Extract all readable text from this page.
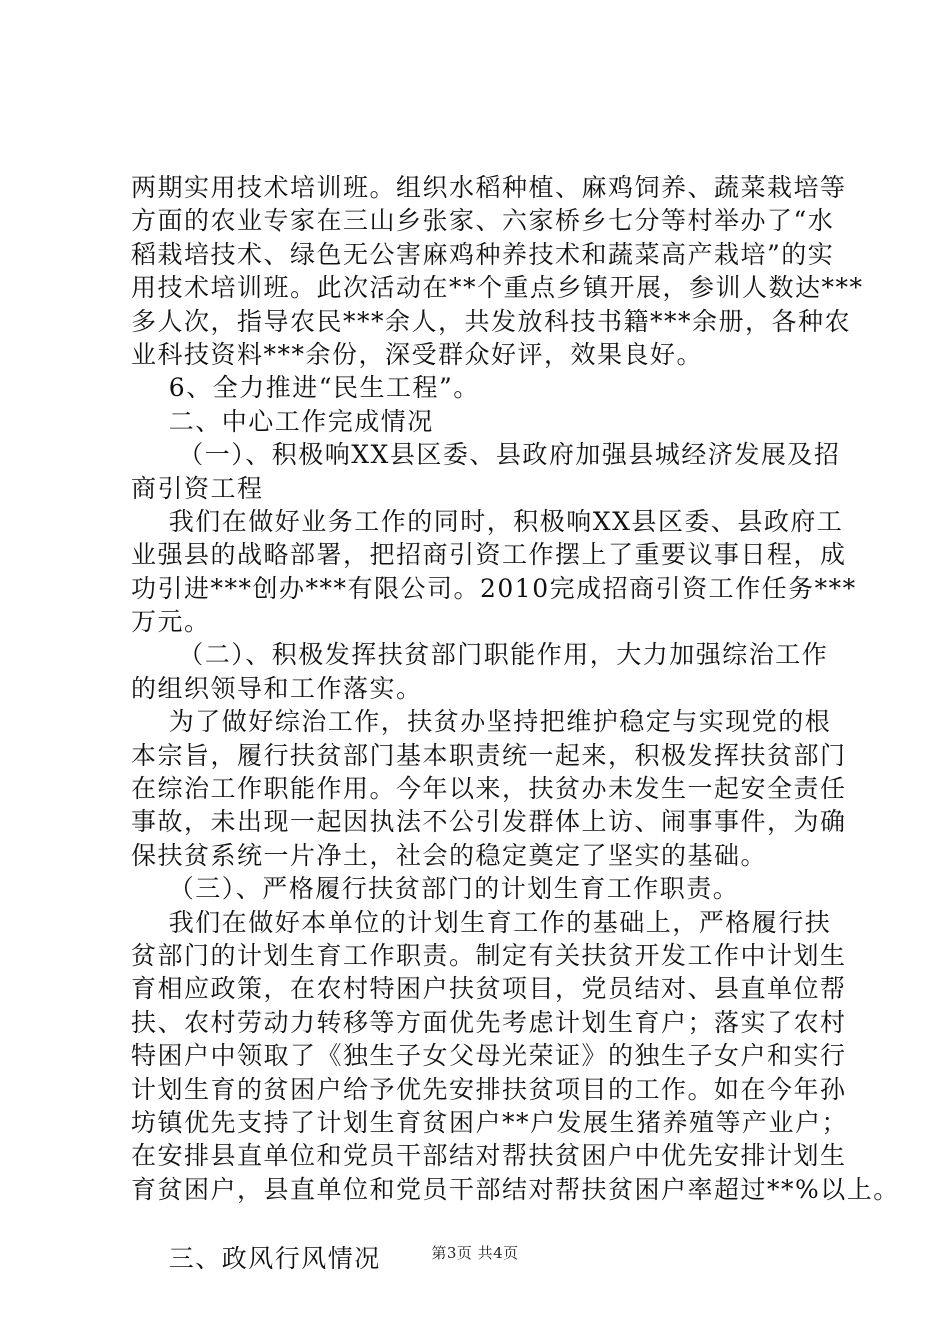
两期实用技术培训班。组织水稻种植、麻鸡饲养、蔬菜栽培等
方面的农业专家在三山乡张家、六家桥乡七分等村举办了“水
稻栽培技术、绿色无公害麻鸡种养技术和蔬菜高产栽培”的实
用技术培训班。此次活动在**个重点乡镇开展，参训人数达***
多人次，指导农民***余人，共发放科技书籍***余册，各种农
业科技资料***余份，深受群众好评，效果良好。
6、全力推进“民生工程”。
二、中心工作完成情况
（一）、积极响XX县区委、县政府加强县城经济发展及招
商引资工程
我们在做好业务工作的同时，积极响XX县区委、县政府工
业强县的战略部署，把招商引资工作摆上了重要议事日程，成
功引进***创办***有限公司。2010完成招商引资工作任务***
万元。
（二）、积极发挥扶贫部门职能作用，大力加强综治工作
的组织领导和工作落实。
为了做好综治工作，扶贫办坚持把维护稳定与实现党的根
本宗旨，履行扶贫部门基本职责统一起来，积极发挥扶贫部门
在综治工作职能作用。今年以来，扶贫办未发生一起安全责任
事故，未出现一起因执法不公引发群体上访、闹事事件，为确
保扶贫系统一片净土，社会的稳定奠定了坚实的基础。
（三）、严格履行扶贫部门的计划生育工作职责。
我们在做好本单位的计划生育工作的基础上，严格履行扶
贫部门的计划生育工作职责。制定有关扶贫开发工作中计划生
育相应政策，在农村特困户扶贫项目，党员结对、县直单位帮
扶、农村劳动力转移等方面优先考虑计划生育户；落实了农村
特困户中领取了《独生子女父母光荣证》的独生子女户和实行
计划生育的贫困户给予优先安排扶贫项目的工作。如在今年孙
坊镇优先支持了计划生育贫困户**户发展生猪养殖等产业户；
在安排县直单位和党员干部结对帮扶贫困户中优先安排计划生
育贫困户，县直单位和党员干部结对帮扶贫困户率超过**%以上。
三、政风行风情况	第3页 共4页
